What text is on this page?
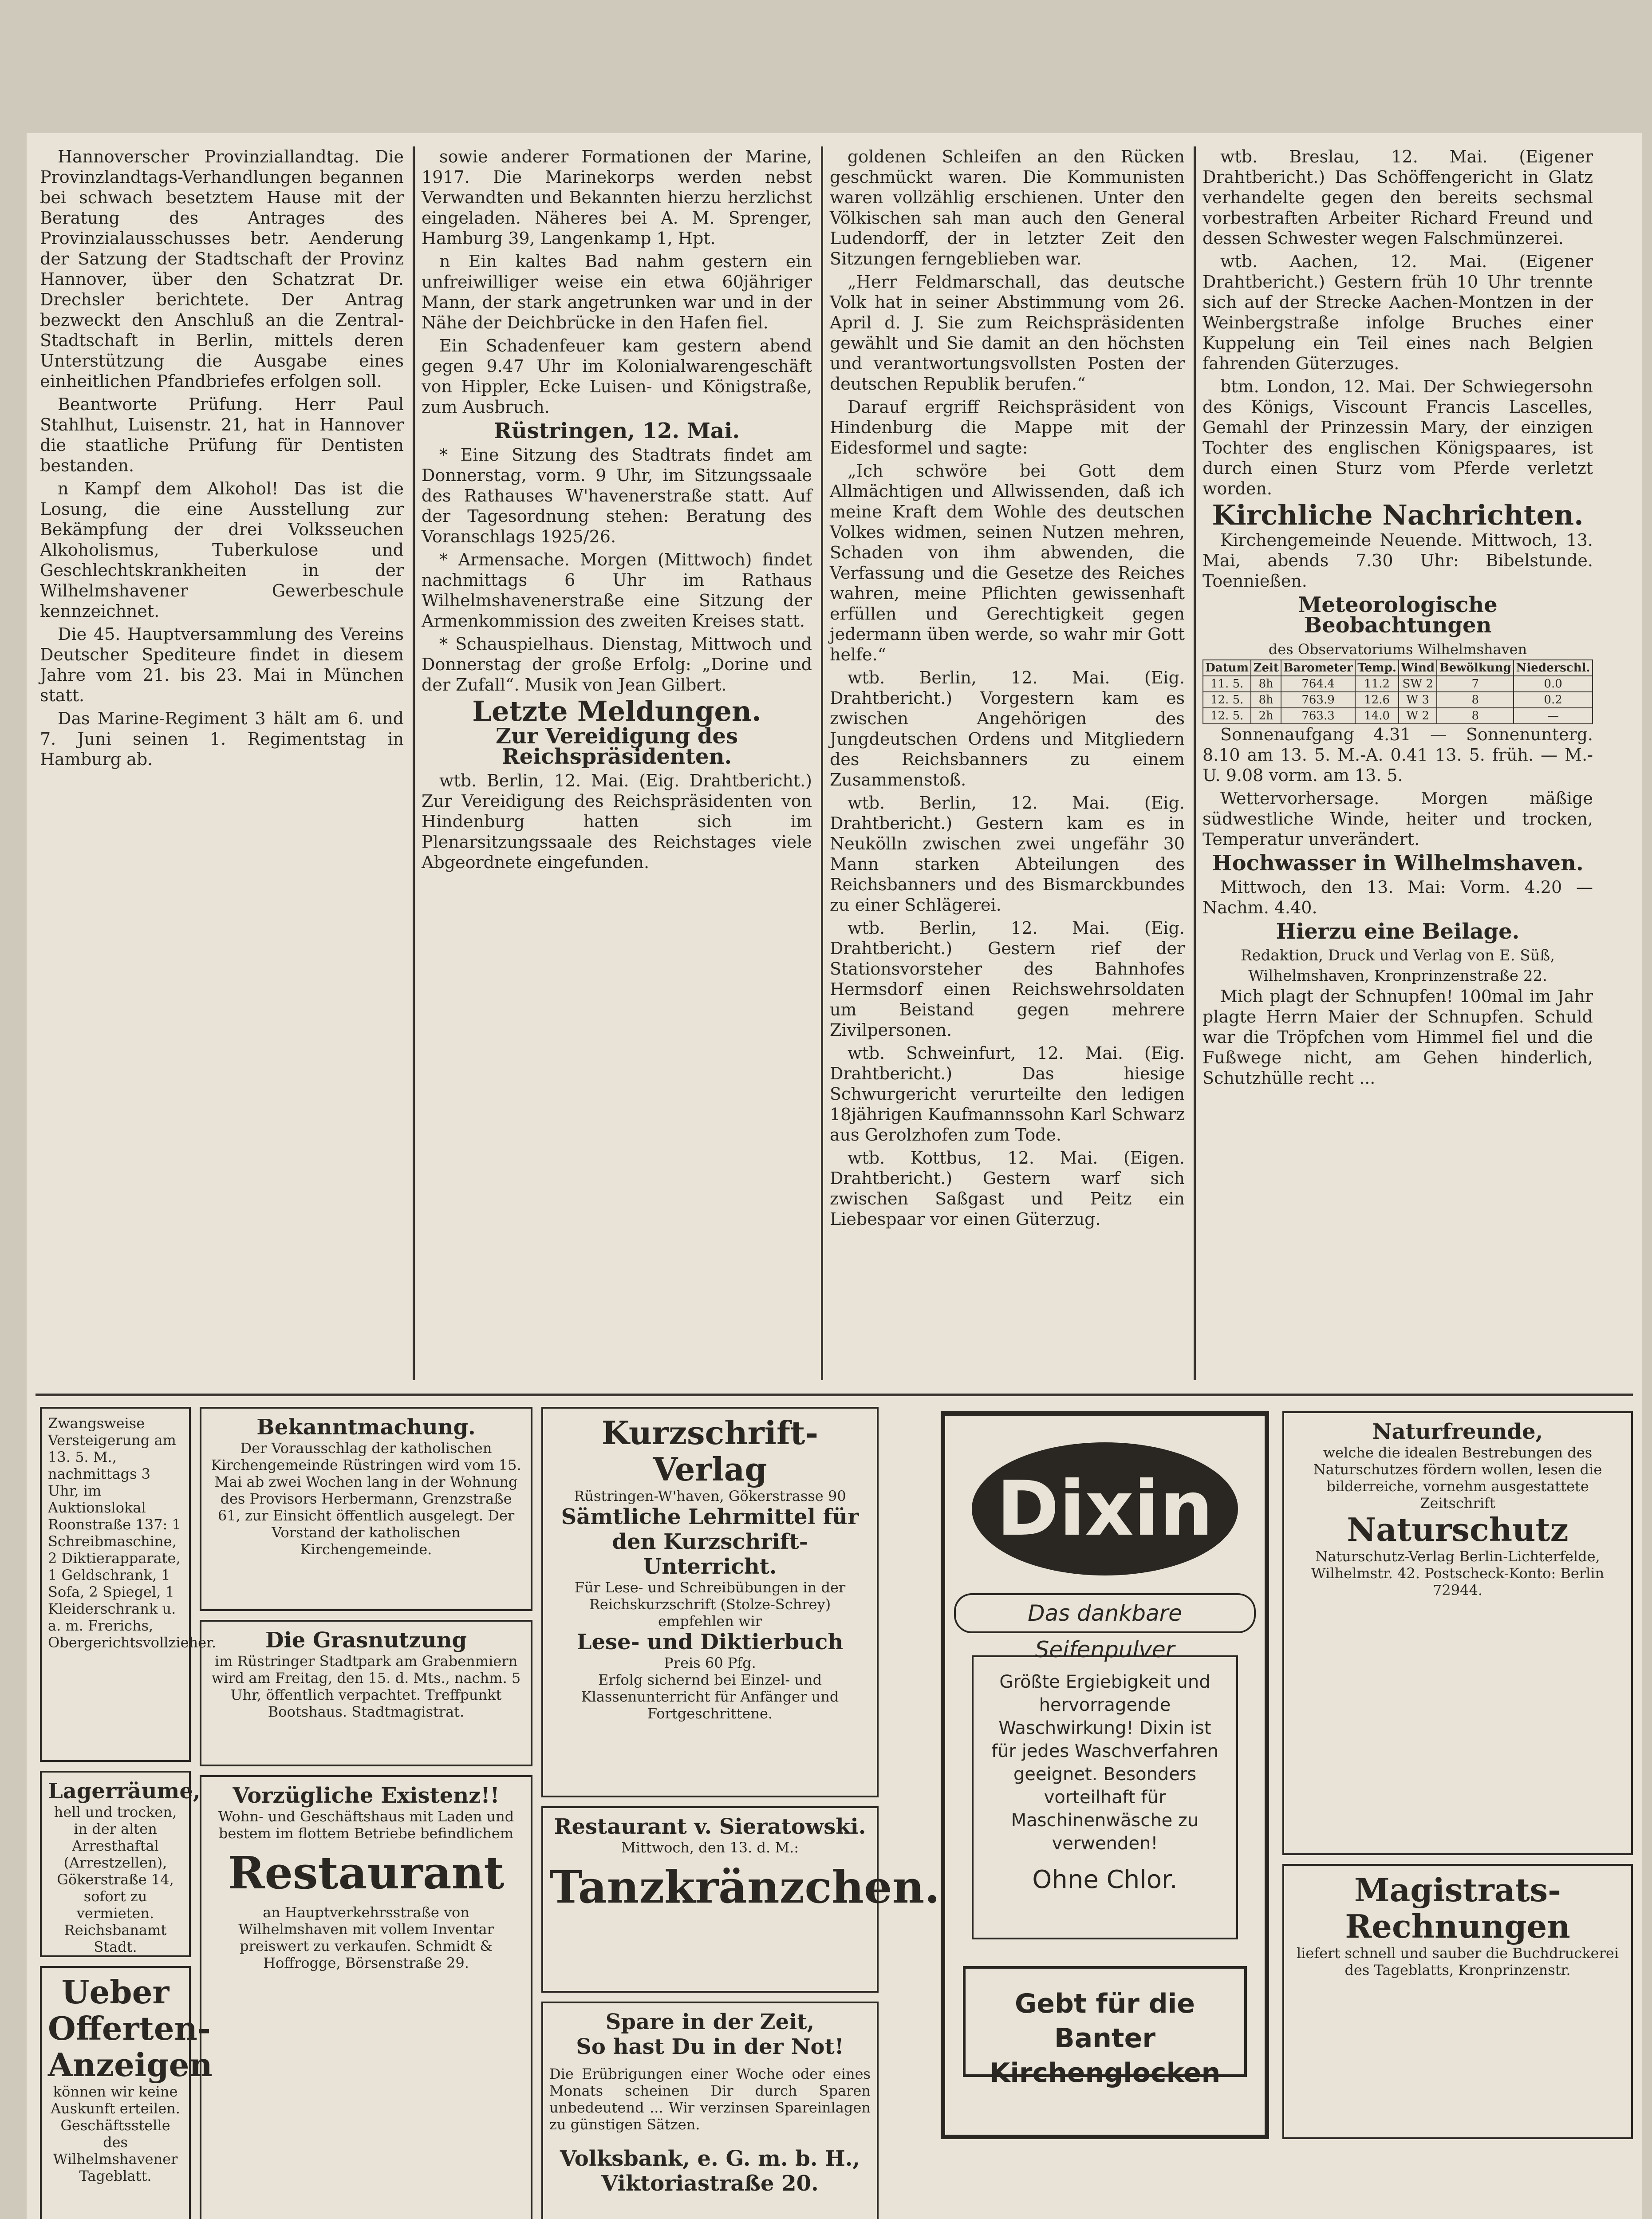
Hannoverscher Provinziallandtag. Die Provinzlandtags-Verhandlungen begannen bei schwach besetztem Hause mit der Beratung des Antrages des Provinzialausschusses betr. Aenderung der Satzung der Stadtschaft der Provinz Hannover, über den Schatzrat Dr. Drechsler berichtete. Der Antrag bezweckt den Anschluß an die Zentral-Stadtschaft in Berlin, mittels deren Unterstützung die Ausgabe eines einheitlichen Pfandbriefes erfolgen soll.

Beantworte Prüfung. Herr Paul Stahlhut, Luisenstr. 21, hat in Hannover die staatliche Prüfung für Dentisten bestanden.

n Kampf dem Alkohol! Das ist die Losung, die eine Ausstellung zur Bekämpfung der drei Volksseuchen Alkoholismus, Tuberkulose und Geschlechtskrankheiten in der Wilhelmshavener Gewerbeschule kennzeichnet.

Die 45. Hauptversammlung des Vereins Deutscher Spediteure findet in diesem Jahre vom 21. bis 23. Mai in München statt.

Das Marine-Regiment 3 hält am 6. und 7. Juni seinen 1. Regimentstag in Hamburg ab.

sowie anderer Formationen der Marine, 1917. Die Marinekorps werden nebst Verwandten und Bekannten hierzu herzlichst eingeladen. Näheres bei A. M. Sprenger, Hamburg 39, Langenkamp 1, Hpt.

n Ein kaltes Bad nahm gestern ein unfreiwilliger weise ein etwa 60jähriger Mann, der stark angetrunken war und in der Nähe der Deichbrücke in den Hafen fiel.

Ein Schadenfeuer kam gestern abend gegen 9.47 Uhr im Kolonialwarengeschäft von Hippler, Ecke Luisen- und Königstraße, zum Ausbruch.

Rüstringen, 12. Mai.

* Eine Sitzung des Stadtrats findet am Donnerstag, vorm. 9 Uhr, im Sitzungssaale des Rathauses W'havenerstraße statt. Auf der Tagesordnung stehen: Beratung des Voranschlags 1925/26.

* Armensache. Morgen (Mittwoch) findet nachmittags 6 Uhr im Rathaus Wilhelmshavenerstraße eine Sitzung der Armenkommission des zweiten Kreises statt.

* Schauspielhaus. Dienstag, Mittwoch und Donnerstag der große Erfolg: „Dorine und der Zufall“. Musik von Jean Gilbert.

Letzte Meldungen.
Zur Vereidigung des Reichspräsidenten.

wtb. Berlin, 12. Mai. (Eig. Drahtbericht.) Zur Vereidigung des Reichspräsidenten von Hindenburg hatten sich im Plenarsitzungssaale des Reichstages viele Abgeordnete eingefunden.

goldenen Schleifen an den Rücken geschmückt waren. Die Kommunisten waren vollzählig erschienen. Unter den Völkischen sah man auch den General Ludendorff, der in letzter Zeit den Sitzungen ferngeblieben war.

„Herr Feldmarschall, das deutsche Volk hat in seiner Abstimmung vom 26. April d. J. Sie zum Reichspräsidenten gewählt und Sie damit an den höchsten und verantwortungsvollsten Posten der deutschen Republik berufen.“

Darauf ergriff Reichspräsident von Hindenburg die Mappe mit der Eidesformel und sagte:

„Ich schwöre bei Gott dem Allmächtigen und Allwissenden, daß ich meine Kraft dem Wohle des deutschen Volkes widmen, seinen Nutzen mehren, Schaden von ihm abwenden, die Verfassung und die Gesetze des Reiches wahren, meine Pflichten gewissenhaft erfüllen und Gerechtigkeit gegen jedermann üben werde, so wahr mir Gott helfe.“

wtb. Berlin, 12. Mai. (Eig. Drahtbericht.) Vorgestern kam es zwischen Angehörigen des Jungdeutschen Ordens und Mitgliedern des Reichsbanners zu einem Zusammenstoß.

wtb. Berlin, 12. Mai. (Eig. Drahtbericht.) Gestern kam es in Neukölln zwischen zwei ungefähr 30 Mann starken Abteilungen des Reichsbanners und des Bismarckbundes zu einer Schlägerei.

wtb. Berlin, 12. Mai. (Eig. Drahtbericht.) Gestern rief der Stationsvorsteher des Bahnhofes Hermsdorf einen Reichswehrsoldaten um Beistand gegen mehrere Zivilpersonen.

wtb. Schweinfurt, 12. Mai. (Eig. Drahtbericht.) Das hiesige Schwurgericht verurteilte den ledigen 18jährigen Kaufmannssohn Karl Schwarz aus Gerolzhofen zum Tode.

wtb. Kottbus, 12. Mai. (Eigen. Drahtbericht.) Gestern warf sich zwischen Saßgast und Peitz ein Liebespaar vor einen Güterzug.

wtb. Breslau, 12. Mai. (Eigener Drahtbericht.) Das Schöffengericht in Glatz verhandelte gegen den bereits sechsmal vorbestraften Arbeiter Richard Freund und dessen Schwester wegen Falschmünzerei.

wtb. Aachen, 12. Mai. (Eigener Drahtbericht.) Gestern früh 10 Uhr trennte sich auf der Strecke Aachen-Montzen in der Weinbergstraße infolge Bruches einer Kuppelung ein Teil eines nach Belgien fahrenden Güterzuges.

btm. London, 12. Mai. Der Schwiegersohn des Königs, Viscount Francis Lascelles, Gemahl der Prinzessin Mary, der einzigen Tochter des englischen Königspaares, ist durch einen Sturz vom Pferde verletzt worden.

Kirchliche Nachrichten.

Kirchengemeinde Neuende. Mittwoch, 13. Mai, abends 7.30 Uhr: Bibelstunde. Toennießen.

Meteorologische Beobachtungen
des Observatoriums Wilhelmshaven
Datum	Zeit	Barometer	Temp.	Wind	Bewölkung	Niederschl.
11. 5.	8h	764.4	11.2	SW 2	7	0.0
12. 5.	8h	763.9	12.6	W 3	8	0.2
12. 5.	2h	763.3	14.0	W 2	8	—

Sonnenaufgang 4.31 — Sonnenunterg. 8.10 am 13. 5. M.-A. 0.41 13. 5. früh. — M.-U. 9.08 vorm. am 13. 5.

Wettervorhersage. Morgen mäßige südwestliche Winde, heiter und trocken, Temperatur unverändert.

Hochwasser in Wilhelmshaven.

Mittwoch, den 13. Mai: Vorm. 4.20 — Nachm. 4.40.

Hierzu eine Beilage.
Redaktion, Druck und Verlag von E. Süß, Wilhelmshaven, Kronprinzenstraße 22.

Mich plagt der Schnupfen! 100mal im Jahr plagte Herrn Maier der Schnupfen. Schuld war die Tröpfchen vom Himmel fiel und die Fußwege nicht, am Gehen hinderlich, Schutzhülle recht ...

Zwangsweise Versteigerung am 13. 5. M., nachmittags 3 Uhr, im Auktionslokal Roonstraße 137: 1 Schreibmaschine, 2 Diktierapparate, 1 Geldschrank, 1 Sofa, 2 Spiegel, 1 Kleiderschrank u. a. m. Frerichs, Obergerichtsvollzieher.
Lagerräume,
hell und trocken, in der alten Arresthaftal (Arrestzellen), Gökerstraße 14, sofort zu vermieten. Reichsbanamt Stadt.
Ueber Offerten-Anzeigen
können wir keine Auskunft erteilen. Geschäftsstelle des Wilhelmshavener Tageblatt.
Bekanntmachung.
Der Vorausschlag der katholischen Kirchengemeinde Rüstringen wird vom 15. Mai ab zwei Wochen lang in der Wohnung des Provisors Herbermann, Grenzstraße 61, zur Einsicht öffentlich ausgelegt. Der Vorstand der katholischen Kirchengemeinde.
Die Grasnutzung
im Rüstringer Stadtpark am Grabenmiern wird am Freitag, den 15. d. Mts., nachm. 5 Uhr, öffentlich verpachtet. Treffpunkt Bootshaus. Stadtmagistrat.
Vorzügliche Existenz!!
Wohn- und Geschäftshaus mit Laden und bestem im flottem Betriebe befindlichem
Restaurant
an Hauptverkehrsstraße von Wilhelmshaven mit vollem Inventar preiswert zu verkaufen. Schmidt & Hoffrogge, Börsenstraße 29.
Kurzschrift-Verlag
Rüstringen-W'haven, Gökerstrasse 90
Sämtliche Lehrmittel für den Kurzschrift-Unterricht.
Für Lese- und Schreibübungen in der Reichskurzschrift (Stolze-Schrey) empfehlen wir
Lese- und Diktierbuch
Preis 60 Pfg.
Erfolg sichernd bei Einzel- und Klassenunterricht für Anfänger und Fortgeschrittene.
Restaurant v. Sieratowski.
Mittwoch, den 13. d. M.:
Tanzkränzchen.
Spare in der Zeit,
So hast Du in der Not!
Die Erübrigungen einer Woche oder eines Monats scheinen Dir durch Sparen unbedeutend ... Wir verzinsen Spareinlagen zu günstigen Sätzen.
Volksbank, e. G. m. b. H., Viktoriastraße 20.
Dixin
Das dankbare Seifenpulver
Größte Ergiebigkeit und hervorragende Waschwirkung! Dixin ist für jedes Waschverfahren geeignet. Besonders vorteilhaft für Maschinenwäsche zu verwenden!
Ohne Chlor.
Gebt für die Banter Kirchenglocken
Naturfreunde,
welche die idealen Bestrebungen des Naturschutzes fördern wollen, lesen die bilderreiche, vornehm ausgestattete Zeitschrift
Naturschutz
Naturschutz-Verlag Berlin-Lichterfelde, Wilhelmstr. 42. Postscheck-Konto: Berlin 72944.
Magistrats-Rechnungen
liefert schnell und sauber die Buchdruckerei des Tageblatts, Kronprinzenstr.
